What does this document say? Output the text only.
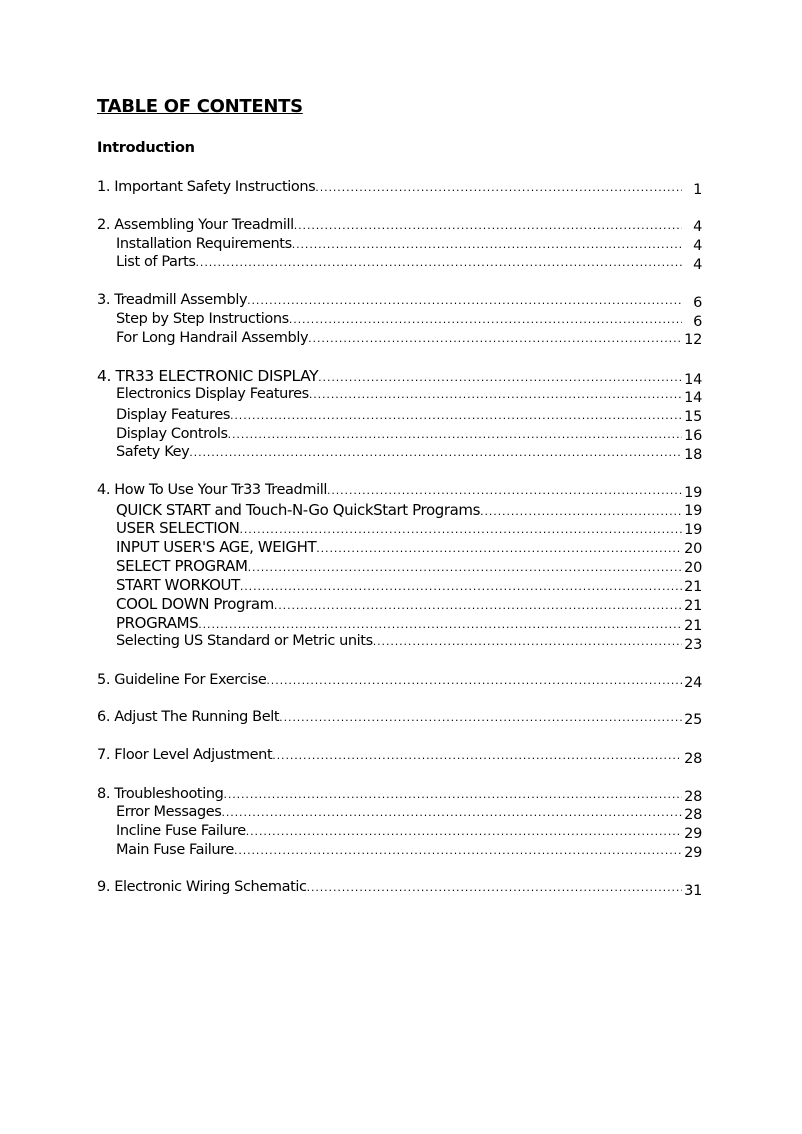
TABLE OF CONTENTS
Introduction
1. Important Safety Instructions .....	1
2. Assembling Your Treadmill .....	4
Installation Requirements .....	4
List of Parts .....	4
3. Treadmill Assembly .....	6
Step by Step Instructions .....	6
For Long Handrail Assembly .....	12
4. TR33 ELECTRONIC DISPLAY .....	14
Electronics Display Features .....	14
Display Features .....	15
Display Controls .....	16
Safety Key .....	18
4. How To Use Your Tr33 Treadmill .....	19
QUICK START and Touch-N-Go QuickStart Programs .....	19
USER SELECTION .....	19
INPUT USER'S AGE, WEIGHT .....	20
SELECT PROGRAM .....	20
START WORKOUT .....	21
COOL DOWN Program .....	21
PROGRAMS .....	21
Selecting US Standard or Metric units .....	23
5. Guideline For Exercise .....	24
6. Adjust The Running Belt .....	25
7. Floor Level Adjustment .....	28
8. Troubleshooting .....	28
Error Messages .....	28
Incline Fuse Failure .....	29
Main Fuse Failure .....	29
9. Electronic Wiring Schematic .....	31
